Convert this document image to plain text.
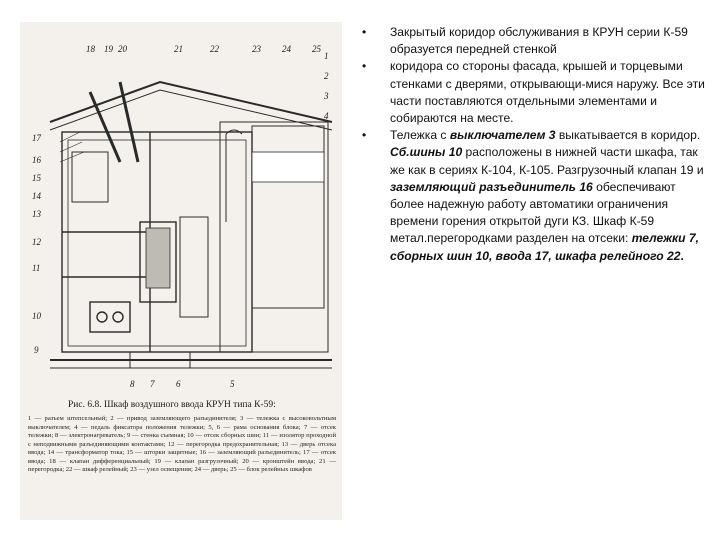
18 19 20	21	22	23 24 25
17
16
15
14
13
12
11
10
9
8 7 6	5
1
2
3
4
Рис. 6.8. Шкаф воздушного ввода КРУН типа К-59:
1 — разъем штепсельный; 2 — привод заземляющего разъединителя; 3 — тележка с высоковольтным выключателем; 4 — педаль фиксатора положения тележки; 5, 6 — рама основания блока; 7 — отсек тележки; 8 — электронагреватель; 9 — стенка съемная; 10 — отсек сборных шин; 11 — изолятор проходной с неподвижными разъединяющими контактами; 12 — перегородка предохранительная; 13 — дверь отсека ввода; 14 — трансформатор тока; 15 — шторки защитные; 16 — заземляющий разъединитель; 17 — отсек ввода; 18 — клапан дифференциальный; 19 — клапан разгрузочный; 20 — кронштейн ввода; 21 — перегородка; 22 — шкаф релейный; 23 — узел освещения; 24 — дверь; 25 — блок релейных шкафов
• Закрытый коридор обслуживания в КРУН серии К-59 образуется передней стенкой
• коридора со стороны фасада, крышей и торцевыми стенками с дверями, открывающи-мися наружу. Все эти части поставляются отдельными элементами и собираются на месте.
• Тележка с выключателем 3 выкатывается в коридор. Сб.шины 10 расположены в нижней части шкафа, так же как в сериях К-104, К-105. Разгрузочный клапан 19 и заземляющий разъединитель 16 обеспечивают более надежную работу автоматики ограничения времени горения открытой дуги КЗ. Шкаф К-59 метал.перегородками разделен на отсеки: тележки 7, сборных шин 10, ввода 17, шкафа релейного 22.
